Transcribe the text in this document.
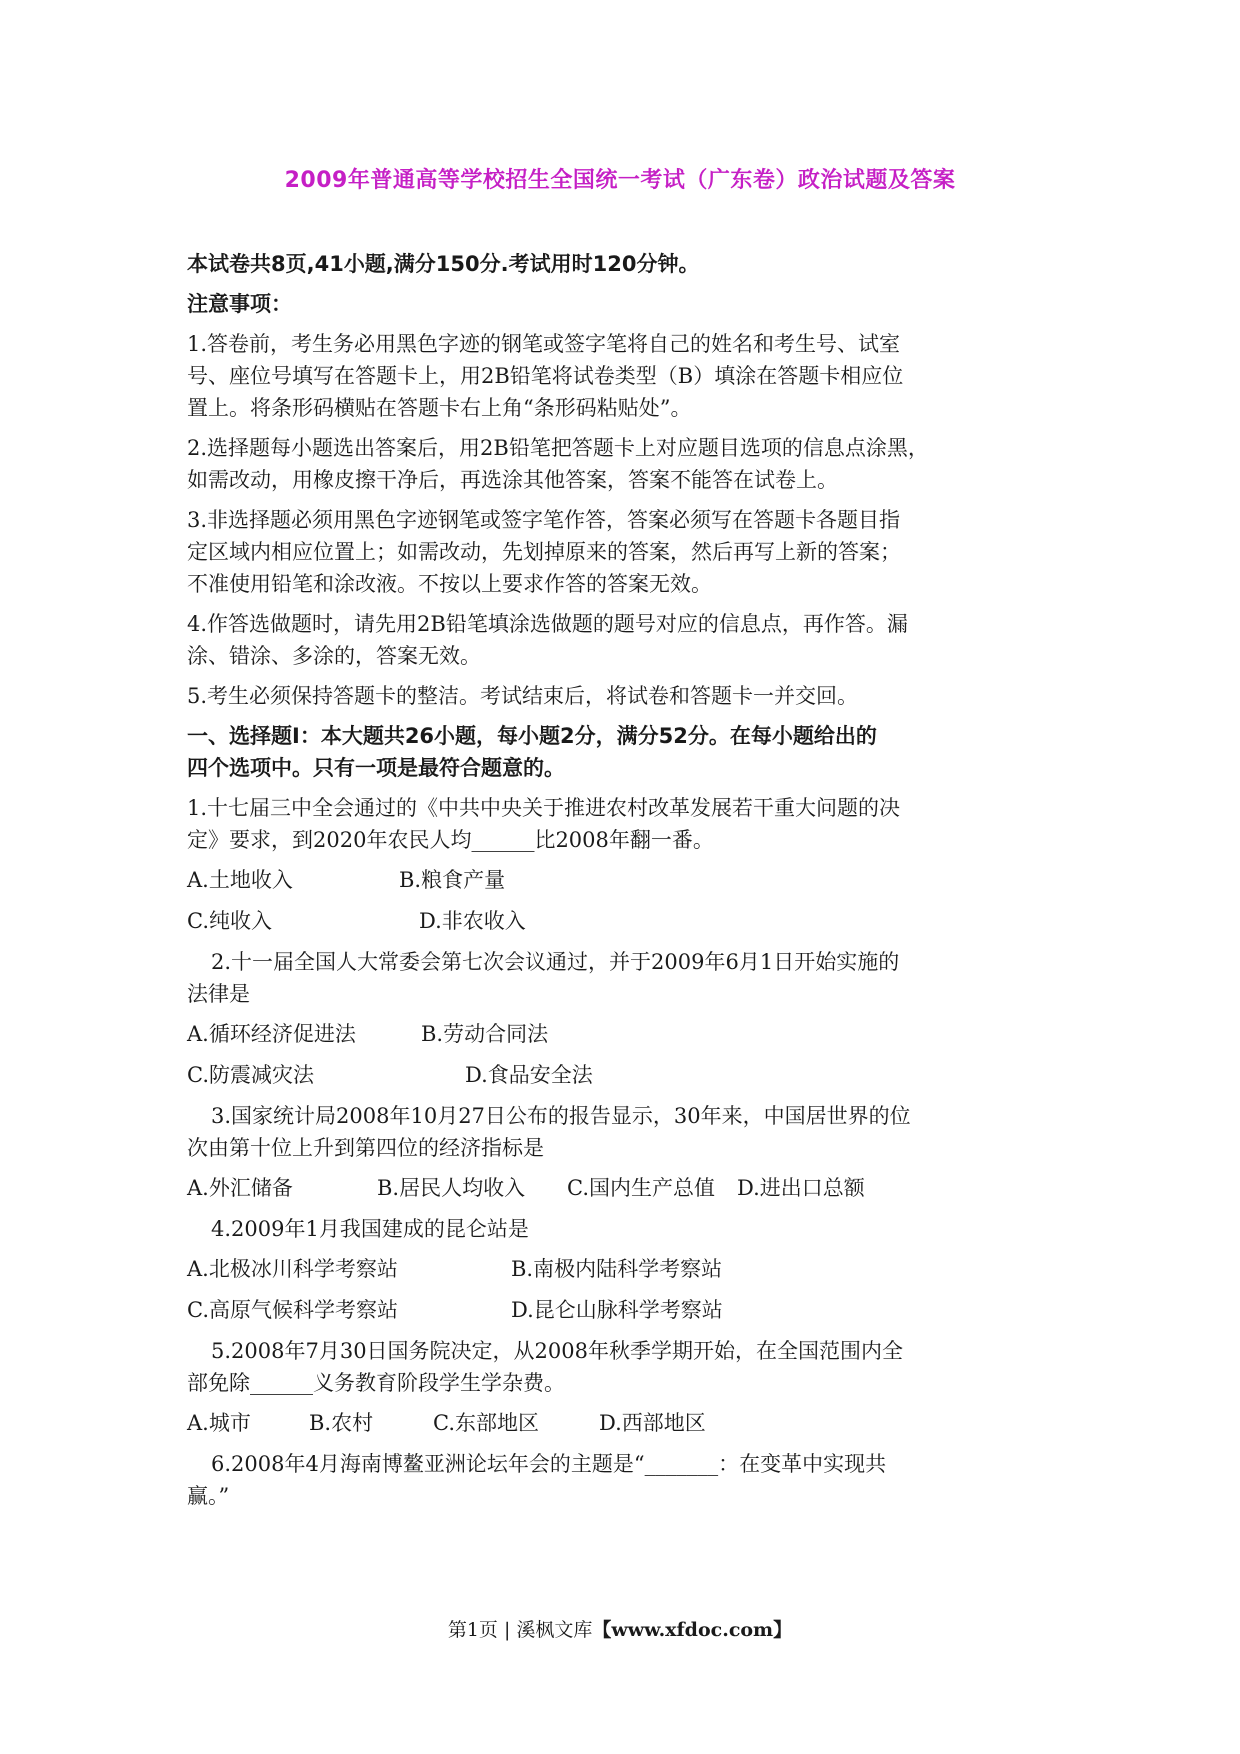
2009年普通高等学校招生全国统一考试（广东卷）政治试题及答案
本试卷共8页,41小题,满分150分.考试用时120分钟。
注意事项：
1.答卷前，考生务必用黑色字迹的钢笔或签字笔将自己的姓名和考生号、试室
号、座位号填写在答题卡上，用2B铅笔将试卷类型（B）填涂在答题卡相应位
置上。将条形码横贴在答题卡右上角“条形码粘贴处”。
2.选择题每小题选出答案后，用2B铅笔把答题卡上对应题目选项的信息点涂黑，
如需改动，用橡皮擦干净后，再选涂其他答案，答案不能答在试卷上。
3.非选择题必须用黑色字迹钢笔或签字笔作答，答案必须写在答题卡各题目指
定区域内相应位置上；如需改动，先划掉原来的答案，然后再写上新的答案；
不准使用铅笔和涂改液。不按以上要求作答的答案无效。
4.作答选做题时，请先用2B铅笔填涂选做题的题号对应的信息点，再作答。漏
涂、错涂、多涂的，答案无效。
5.考生必须保持答题卡的整洁。考试结束后，将试卷和答题卡一并交回。
一、选择题Ⅰ：本大题共26小题，每小题2分，满分52分。在每小题给出的
四个选项中。只有一项是最符合题意的。
1.十七届三中全会通过的《中共中央关于推进农村改革发展若干重大问题的决
定》要求，到2020年农民人均______比2008年翻一番。
A.土地收入	B.粮食产量
C.纯收入	D.非农收入
2.十一届全国人大常委会第七次会议通过，并于2009年6月1日开始实施的
法律是
A.循环经济促进法	B.劳动合同法
C.防震减灾法	D.食品安全法
3.国家统计局2008年10月27日公布的报告显示，30年来，中国居世界的位
次由第十位上升到第四位的经济指标是
A.外汇储备	B.居民人均收入	C.国内生产总值	D.进出口总额
4.2009年1月我国建成的昆仑站是
A.北极冰川科学考察站	B.南极内陆科学考察站
C.高原气候科学考察站	D.昆仑山脉科学考察站
5.2008年7月30日国务院决定，从2008年秋季学期开始，在全国范围内全
部免除______义务教育阶段学生学杂费。
A.城市	B.农村	C.东部地区	D.西部地区
6.2008年4月海南博鳌亚洲论坛年会的主题是“_______：在变革中实现共
赢。”
第1页 | 溪枫文库【www.xfdoc.com】
